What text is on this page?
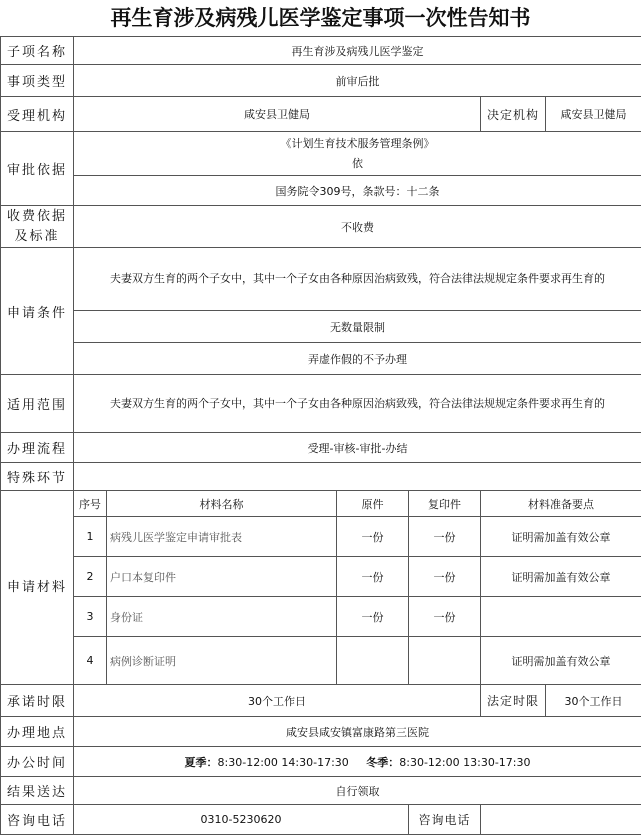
再生育涉及病残儿医学鉴定事项一次性告知书
子项名称	再生育涉及病残儿医学鉴定					
事项类型	前审后批					
受理机构	咸安县卫健局				决定机构	咸安县卫健局
审批依据	《计划生育技术服务管理条例》
依					

	国务院令309号，条款号：十二条					
收费依据及标准	不收费					
申请条件	夫妻双方生育的两个子女中，其中一个子女由各种原因治病致残，符合法律法规规定条件要求再生育的					
	无数量限制					
	弄虚作假的不予办理					
适用范围	夫妻双方生育的两个子女中，其中一个子女由各种原因治病致残，符合法律法规规定条件要求再生育的					
办理流程	受理-审核-审批-办结					
特殊环节						
申请材料	序号	材料名称	原件	复印件	材料准备要点	
	1	病残儿医学鉴定申请审批表	一份	一份	证明需加盖有效公章	
	2	户口本复印件	一份	一份	证明需加盖有效公章	
	3	身份证	一份	一份		
	4	病例诊断证明			证明需加盖有效公章	
承诺时限	30个工作日				法定时限	30个工作日
办理地点	咸安县咸安镇富康路第三医院					
办公时间	夏季：8:30-12:00 14:30-17:30 冬季：8:30-12:00 13:30-17:30					
结果送达	自行领取					
咨询电话	0310-5230620			咨询电话		
